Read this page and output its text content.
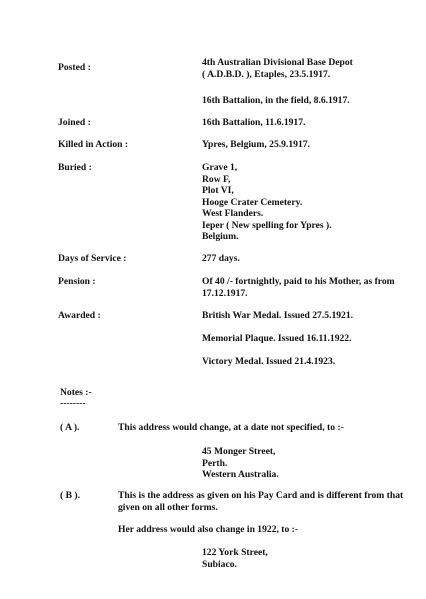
Posted :	4th Australian Divisional Base Depot

( A.D.B.D. ), Etaples, 23.5.1917.

16th Battalion, in the field, 8.6.1917.

Joined :	16th Battalion, 11.6.1917.

Killed in Action :	Ypres, Belgium, 25.9.1917.

Buried :	Grave 1,

Row F,

Plot VI,

Hooge Crater Cemetery.

West Flanders.

Ieper ( New spelling for Ypres ).

Belgium.

Days of Service :	277 days.

Pension :	Of 40 /- fortnightly, paid to his Mother, as from 17.12.1917.

Awarded :	British War Medal. Issued 27.5.1921.

Memorial Plaque. Issued 16.11.1922.

Victory Medal. Issued 21.4.1923.

Notes :-

--------

( A ).	This address would change, at a date not specified, to :-

45 Monger Street,

Perth.

Western Australia.

( B ).	This is the address as given on his Pay Card and is different from that given on all other forms.

Her address would also change in 1922, to :-

122 York Street,

Subiaco.
